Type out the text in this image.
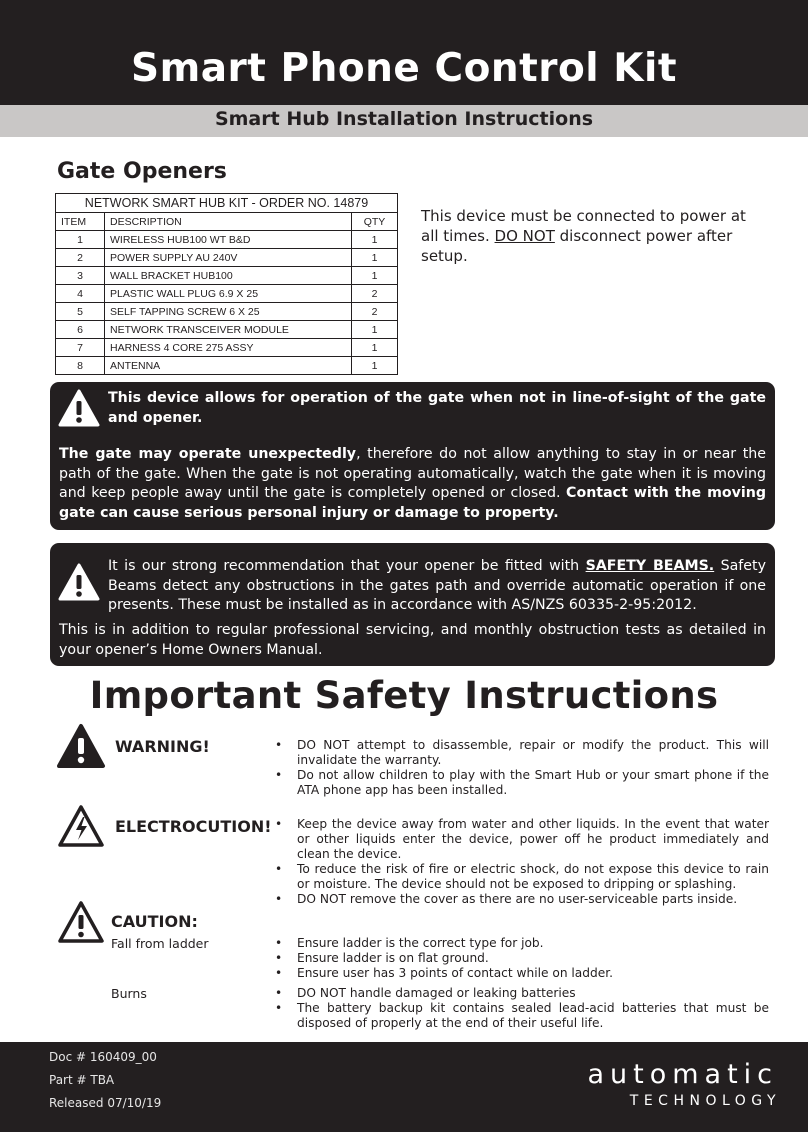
Smart Phone Control Kit
Smart Hub Installation Instructions
Gate Openers
NETWORK SMART HUB KIT - ORDER NO. 14879		
ITEM	DESCRIPTION	QTY
1	WIRELESS HUB100 WT B&D	1
2	POWER SUPPLY AU 240V	1
3	WALL BRACKET HUB100	1
4	PLASTIC WALL PLUG 6.9 X 25	2
5	SELF TAPPING SCREW 6 X 25	2
6	NETWORK TRANSCEIVER MODULE	1
7	HARNESS 4 CORE 275 ASSY	1
8	ANTENNA	1
This device must be connected to power at all times. DO NOT disconnect power after setup.

This device allows for operation of the gate when not in line-of-sight of the gate and opener.

The gate may operate unexpectedly, therefore do not allow anything to stay in or near the path of the gate. When the gate is not operating automatically, watch the gate when it is moving and keep people away until the gate is completely opened or closed. Contact with the moving gate can cause serious personal injury or damage to property.

It is our strong recommendation that your opener be fitted with SAFETY BEAMS. Safety Beams detect any obstructions in the gates path and override automatic operation if one presents. These must be installed as in accordance with AS/NZS 60335-2-95:2012.

This is in addition to regular professional servicing, and monthly obstruction tests as detailed in your opener’s Home Owners Manual.

Important Safety Instructions
WARNING!	• DO NOT attempt to disassemble, repair or modify the product. This will invalidate the warranty.
• Do not allow children to play with the Smart Hub or your smart phone if the ATA phone app has been installed.
ELECTROCUTION!	• Keep the device away from water and other liquids. In the event that water or other liquids enter the device, power off he product immediately and clean the device.
• To reduce the risk of fire or electric shock, do not expose this device to rain or moisture. The device should not be exposed to dripping or splashing.
• DO NOT remove the cover as there are no user-serviceable parts inside.
CAUTION:
Fall from ladder	• Ensure ladder is the correct type for job.
• Ensure ladder is on flat ground.
• Ensure user has 3 points of contact while on ladder.
Burns	• DO NOT handle damaged or leaking batteries
• The battery backup kit contains sealed lead-acid batteries that must be disposed of properly at the end of their useful life.
Doc # 160409_00
Part # TBA
Released 07/10/19
automatic
TECHNOLOGY
